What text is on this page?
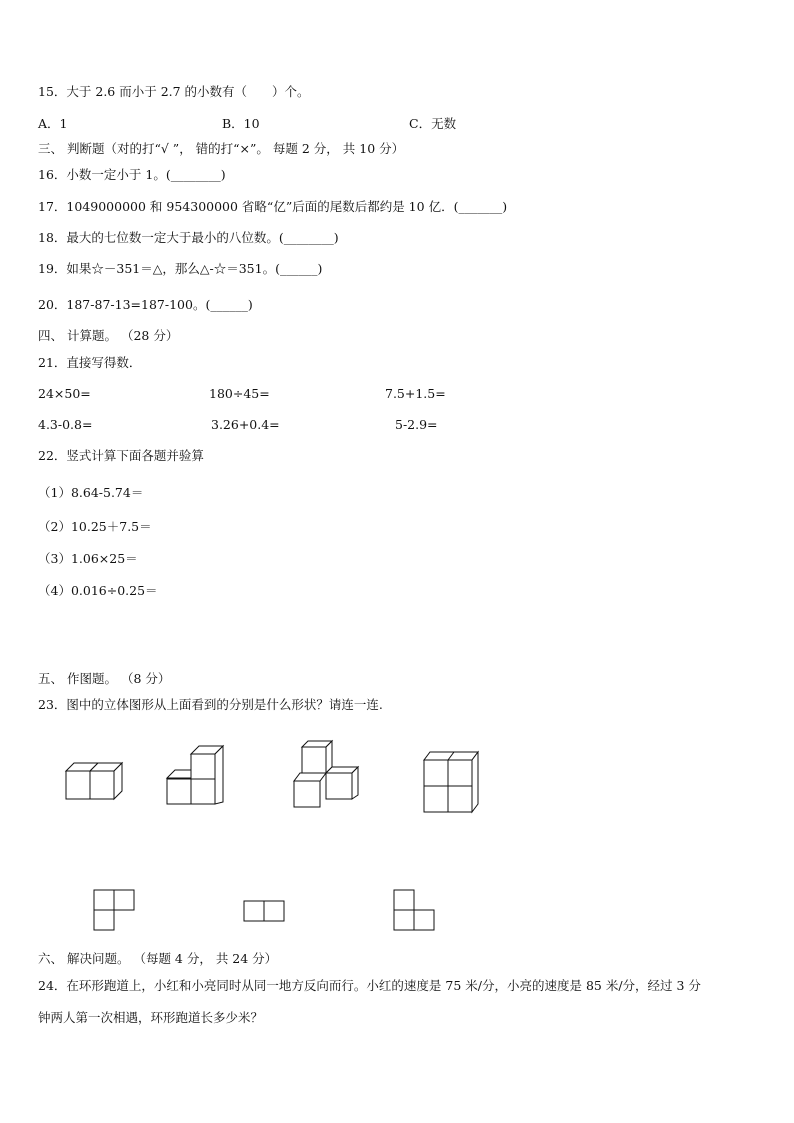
15．大于 2.6 而小于 2.7 的小数有（　　）个。
A．1	B．10	C．无数
三、 判断题（对的打“√ ”， 错的打“×”。 每题 2 分， 共 10 分）
16．小数一定小于 1。(________)
17．1049000000 和 954300000 省略“亿”后面的尾数后都约是 10 亿．(_______)
18．最大的七位数一定大于最小的八位数。(________)
19．如果☆－351＝△，那么△-☆＝351。(______)
20．187-87-13=187-100。(______)
四、 计算题。 （28 分）
21．直接写得数．
24×50=	180÷45=	7.5+1.5=
4.3-0.8=	3.26+0.4=	5-2.9=
22．竖式计算下面各题并验算
（1）8.64-5.74＝
（2）10.25＋7.5＝
（3）1.06×25＝
（4）0.016÷0.25＝
五、 作图题。 （8 分）
23．图中的立体图形从上面看到的分别是什么形状？请连一连.
六、 解决问题。 （每题 4 分， 共 24 分）
24．在环形跑道上，小红和小亮同时从同一地方反向而行。小红的速度是 75 米/分，小亮的速度是 85 米/分，经过 3 分
钟两人第一次相遇，环形跑道长多少米？
